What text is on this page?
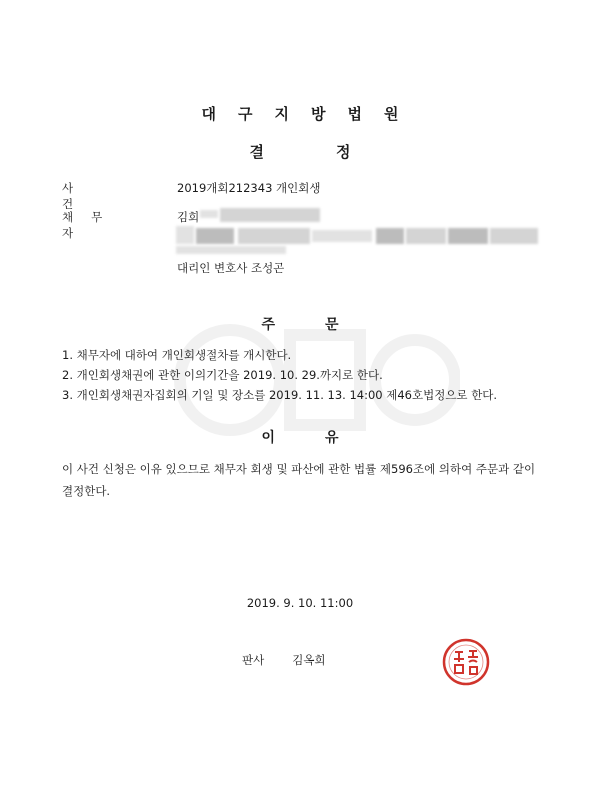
대구지방법원
결정
사건
2019개회212343 개인회생
채무자
김희
대리인 변호사 조성곤
주	문
1. 채무자에 대하여 개인회생절차를 개시한다.
2. 개인회생채권에 관한 이의기간을 2019. 10. 29.까지로 한다.
3. 개인회생채권자집회의 기일 및 장소를 2019. 11. 13. 14:00 제46호법정으로 한다.
이	유
이 사건 신청은 이유 있으므로 채무자 회생 및 파산에 관한 법률 제596조에 의하여 주문과 같이 결정한다.
2019. 9. 10. 11:00
판사 김옥희
